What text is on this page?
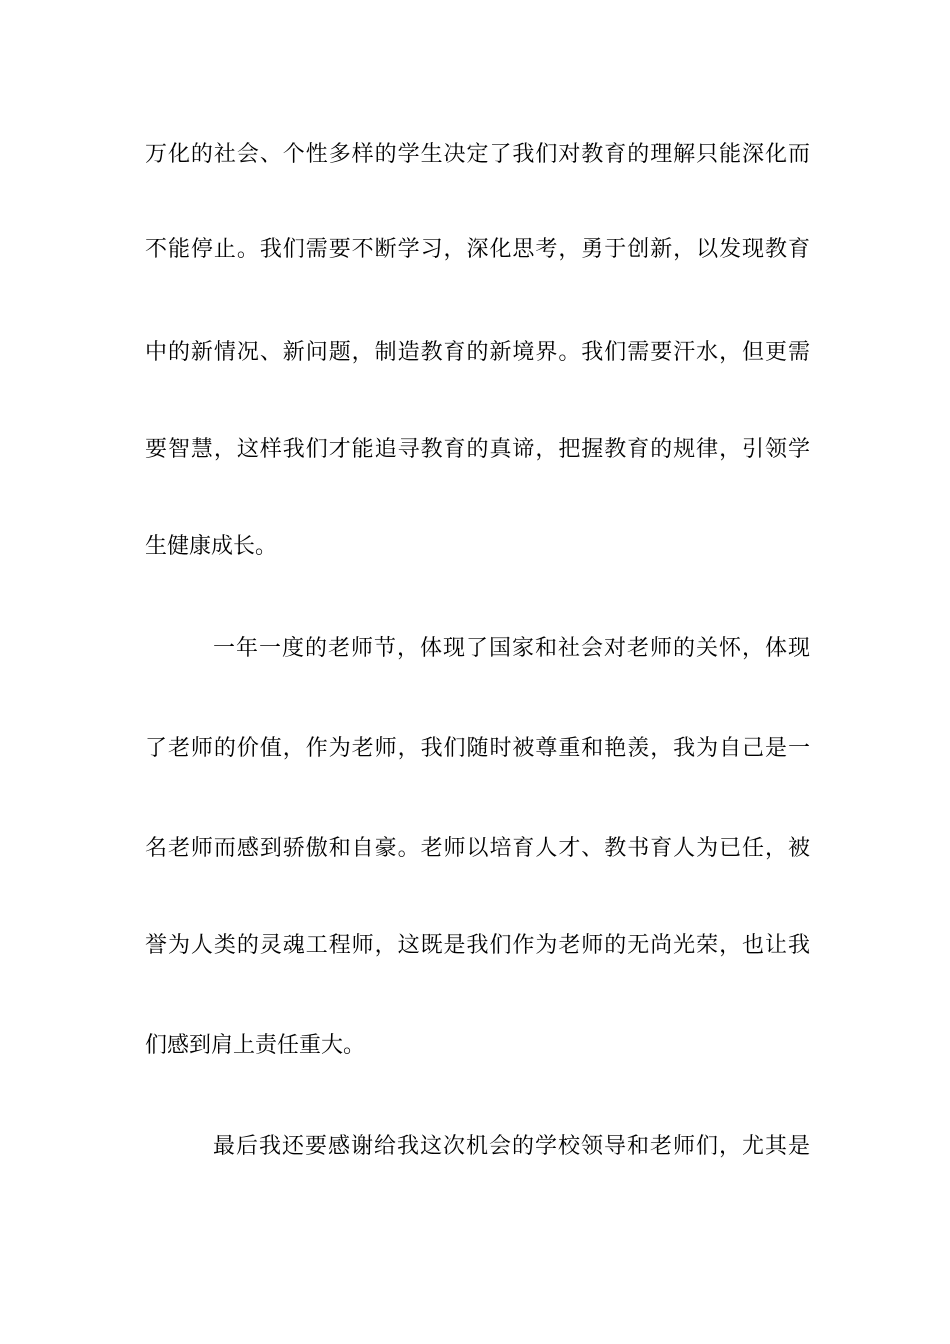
万化的社会、个性多样的学生决定了我们对教育的理解只能深化而
不能停止。我们需要不断学习，深化思考，勇于创新，以发现教育
中的新情况、新问题，制造教育的新境界。我们需要汗水，但更需
要智慧，这样我们才能追寻教育的真谛，把握教育的规律，引领学
生健康成长。
一年一度的老师节，体现了国家和社会对老师的关怀，体现
了老师的价值，作为老师，我们随时被尊重和艳羡，我为自己是一
名老师而感到骄傲和自豪。老师以培育人才、教书育人为已任，被
誉为人类的灵魂工程师，这既是我们作为老师的无尚光荣，也让我
们感到肩上责任重大。
最后我还要感谢给我这次机会的学校领导和老师们，尤其是
